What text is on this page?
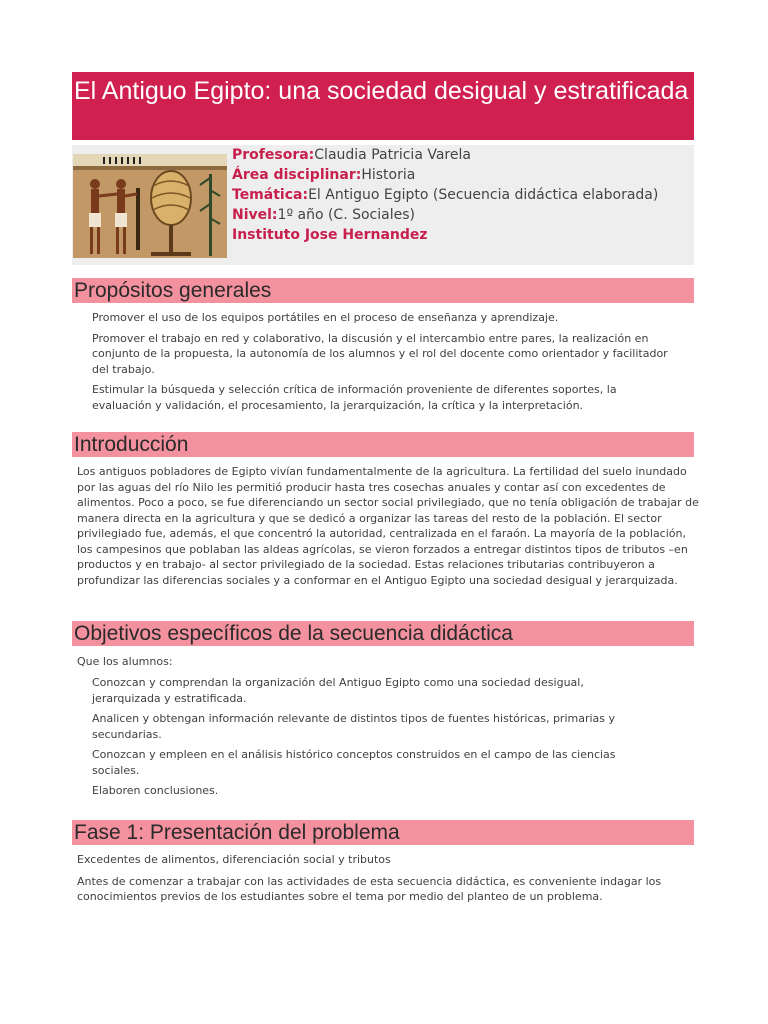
El Antiguo Egipto: una sociedad desigual y estratificada
Profesora:Claudia Patricia Varela
Área disciplinar:Historia
Temática:El Antiguo Egipto (Secuencia didáctica elaborada)
Nivel:1º año (C. Sociales)
Instituto Jose Hernandez
Propósitos generales

Promover el uso de los equipos portátiles en el proceso de enseñanza y aprendizaje.

Promover el trabajo en red y colaborativo, la discusión y el intercambio entre pares, la realización en conjunto de la propuesta, la autonomía de los alumnos y el rol del docente como orientador y facilitador del trabajo.

Estimular la búsqueda y selección crítica de información proveniente de diferentes soportes, la evaluación y validación, el procesamiento, la jerarquización, la crítica y la interpretación.

Introducción

Los antiguos pobladores de Egipto vivían fundamentalmente de la agricultura. La fertilidad del suelo inundado por las aguas del río Nilo les permitió producir hasta tres cosechas anuales y contar así con excedentes de alimentos. Poco a poco, se fue diferenciando un sector social privilegiado, que no tenía obligación de trabajar de manera directa en la agricultura y que se dedicó a organizar las tareas del resto de la población. El sector privilegiado fue, además, el que concentró la autoridad, centralizada en el faraón. La mayoría de la población, los campesinos que poblaban las aldeas agrícolas, se vieron forzados a entregar distintos tipos de tributos –en productos y en trabajo- al sector privilegiado de la sociedad. Estas relaciones tributarias contribuyeron a profundizar las diferencias sociales y a conformar en el Antiguo Egipto una sociedad desigual y jerarquizada.

Objetivos específicos de la secuencia didáctica

Que los alumnos:

Conozcan y comprendan la organización del Antiguo Egipto como una sociedad desigual, jerarquizada y estratificada.

Analicen y obtengan información relevante de distintos tipos de fuentes históricas, primarias y secundarias.

Conozcan y empleen en el análisis histórico conceptos construidos en el campo de las ciencias sociales.

Elaboren conclusiones.

Fase 1: Presentación del problema

Excedentes de alimentos, diferenciación social y tributos

Antes de comenzar a trabajar con las actividades de esta secuencia didáctica, es conveniente indagar los conocimientos previos de los estudiantes sobre el tema por medio del planteo de un problema.
